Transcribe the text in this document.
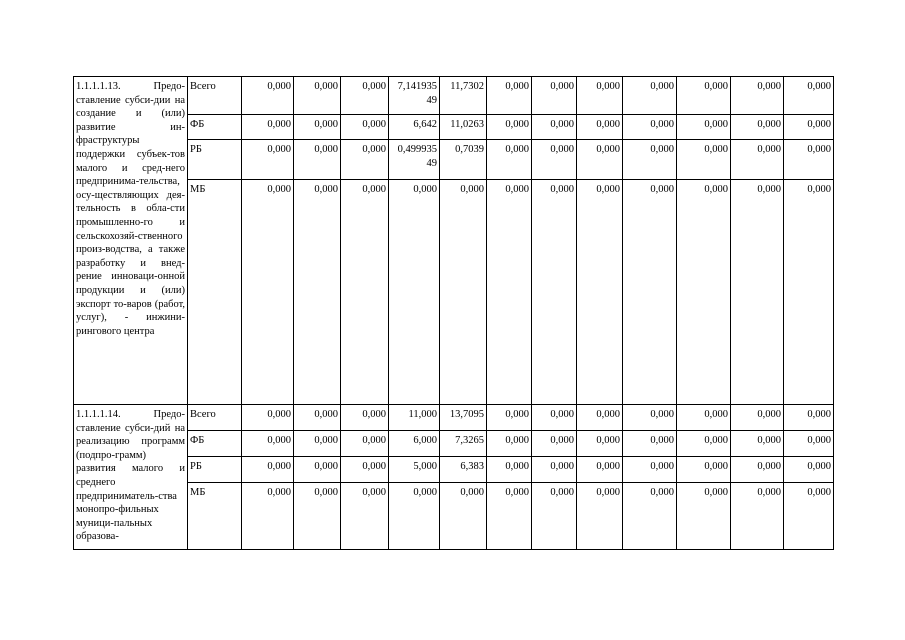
1.1.1.1.13. Предо-ставление субси-дии на создание и (или) развитие ин-фраструктуры поддержки субъек-тов малого и сред-него предпринима-тельства, осу-ществляющих дея-тельность в обла-сти промышленно-го и сельскохозяй-ственного произ-водства, а также разработку и внед-рение инноваци-онной продукции и (или) экспорт то-варов (работ, услуг), - инжини-рингового центра	Всего	0,000	0,000	0,000	7,141935 49	11,7302	0,000	0,000	0,000	0,000	0,000	0,000	0,000
	ФБ	0,000	0,000	0,000	6,642	11,0263	0,000	0,000	0,000	0,000	0,000	0,000	0,000
	РБ	0,000	0,000	0,000	0,499935 49	0,7039	0,000	0,000	0,000	0,000	0,000	0,000	0,000
	МБ	0,000	0,000	0,000	0,000	0,000	0,000	0,000	0,000	0,000	0,000	0,000	0,000
1.1.1.1.14. Предо-ставление субси-дий на реализацию программ (подпро-грамм) развития малого и среднего предприниматель-ства монопро-фильных муници-пальных образова-	Всего	0,000	0,000	0,000	11,000	13,7095	0,000	0,000	0,000	0,000	0,000	0,000	0,000
	ФБ	0,000	0,000	0,000	6,000	7,3265	0,000	0,000	0,000	0,000	0,000	0,000	0,000
	РБ	0,000	0,000	0,000	5,000	6,383	0,000	0,000	0,000	0,000	0,000	0,000	0,000
	МБ	0,000	0,000	0,000	0,000	0,000	0,000	0,000	0,000	0,000	0,000	0,000	0,000
